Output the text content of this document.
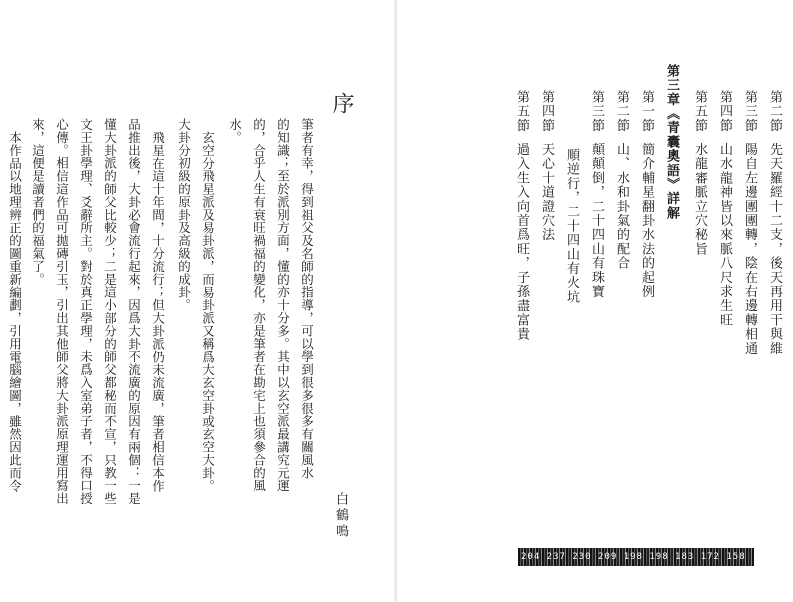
序
筆者有幸，得到祖父及名師的指導，可以學到很多很多有關風水
的知識；至於派別方面，懂的亦十分多。其中以玄空派最講究元運
的，合乎人生有衰旺禍福的變化，亦是筆者在勘宅上也須參合的風
水。
玄空分飛星派及易卦派，而易卦派又稱爲大玄空卦或玄空大卦。
大卦分初級的原卦及高級的成卦。
飛星在這十年間，十分流行；但大卦派仍未流廣，筆者相信本作
品推出後，大卦必會流行起來，因爲大卦不流廣的原因有兩個：一是
懂大卦派的師父比較少；二是這小部分的師父都秘而不宣，只教一些
文王卦學理、爻辭所主。對於真正學理，未爲入室弟子者，不得口授
心傳。相信這作品可拋磚引玉，引出其他師父將大卦派原理運用寫出
來，這便是讀者們的福氣了。
本作品以地理辨正的圖重新編劃，引用電腦繪圖，雖然因此而令
白鶴鳴
第二節先天羅經十二支，後天再用干與維
第三節陽自左邊團團轉，陰在右邊轉相通
第四節山水龍神皆以來脈八尺求生旺
第五節水龍審脈立穴秘旨
第三章《青囊奧語》詳解
第一節簡介輔星翻卦水法的起例
第二節山、水和卦氣的配合
第三節顛顛倒，二十四山有珠寶
順逆行，二十四山有火坑
第四節天心十道證穴法
第五節過入生入向首爲旺，子孫盡富貴
204 237 230 209 198 198 183 172 158 151
